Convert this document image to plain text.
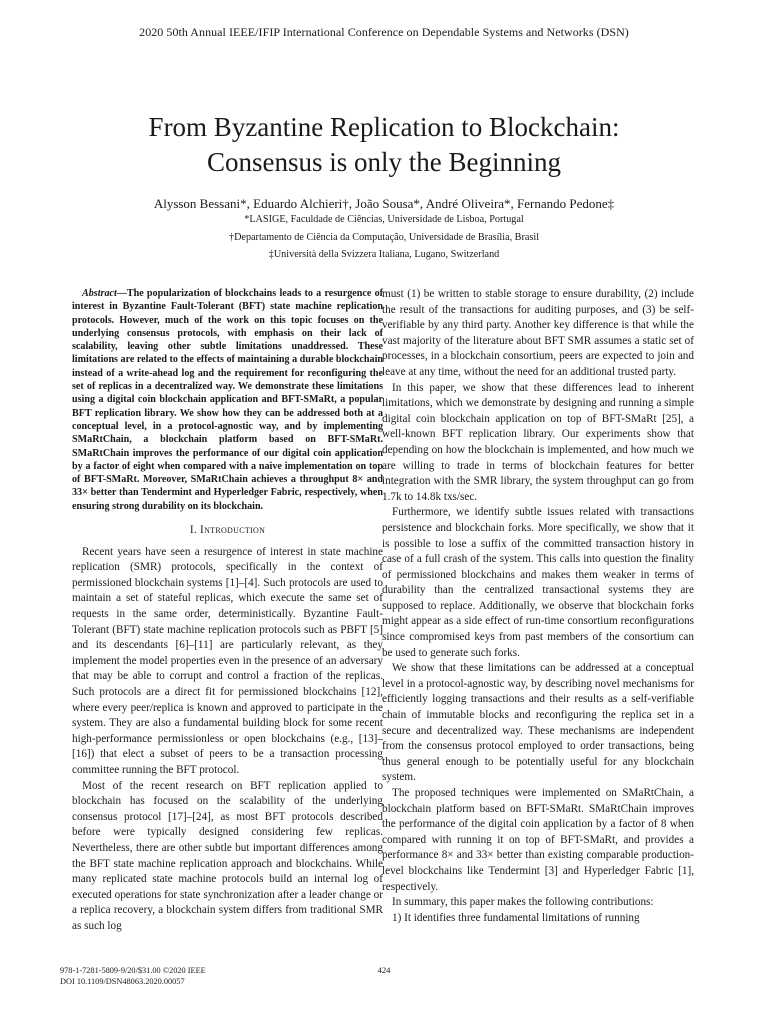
2020 50th Annual IEEE/IFIP International Conference on Dependable Systems and Networks (DSN)
From Byzantine Replication to Blockchain:
Consensus is only the Beginning
Alysson Bessani*, Eduardo Alchieri†, João Sousa*, André Oliveira*, Fernando Pedone‡
*LASIGE, Faculdade de Ciências, Universidade de Lisboa, Portugal
†Departamento de Ciência da Computação, Universidade de Brasília, Brasil
‡Università della Svizzera Italiana, Lugano, Switzerland

Abstract—The popularization of blockchains leads to a resurgence of interest in Byzantine Fault-Tolerant (BFT) state machine replication protocols. However, much of the work on this topic focuses on the underlying consensus protocols, with emphasis on their lack of scalability, leaving other subtle limitations unaddressed. These limitations are related to the effects of maintaining a durable blockchain instead of a write-ahead log and the requirement for reconfiguring the set of replicas in a decentralized way. We demonstrate these limitations using a digital coin blockchain application and BFT-SMaRt, a popular BFT replication library. We show how they can be addressed both at a conceptual level, in a protocol-agnostic way, and by implementing SMaRtChain, a blockchain platform based on BFT-SMaRt. SMaRtChain improves the performance of our digital coin application by a factor of eight when compared with a naive implementation on top of BFT-SMaRt. Moreover, SMaRtChain achieves a throughput 8× and 33× better than Tendermint and Hyperledger Fabric, respectively, when ensuring strong durability on its blockchain.

I. Introduction

Recent years have seen a resurgence of interest in state machine replication (SMR) protocols, specifically in the context of permissioned blockchain systems [1]–[4]. Such protocols are used to maintain a set of stateful replicas, which execute the same set of requests in the same order, deterministically. Byzantine Fault-Tolerant (BFT) state machine replication protocols such as PBFT [5] and its descendants [6]–[11] are particularly relevant, as they implement the model properties even in the presence of an adversary that may be able to corrupt and control a fraction of the replicas. Such protocols are a direct fit for permissioned blockchains [12], where every peer/replica is known and approved to participate in the system. They are also a fundamental building block for some recent high-performance permissionless or open blockchains (e.g., [13]–[16]) that elect a subset of peers to be a transaction processing committee running the BFT protocol.

Most of the recent research on BFT replication applied to blockchain has focused on the scalability of the underlying consensus protocol [17]–[24], as most BFT protocols described before were typically designed considering few replicas. Nevertheless, there are other subtle but important differences among the BFT state machine replication approach and blockchains. While many replicated state machine protocols build an internal log of executed operations for state synchronization after a leader change or a replica recovery, a blockchain system differs from traditional SMR as such log

must (1) be written to stable storage to ensure durability, (2) include the result of the transactions for auditing purposes, and (3) be self-verifiable by any third party. Another key difference is that while the vast majority of the literature about BFT SMR assumes a static set of processes, in a blockchain consortium, peers are expected to join and leave at any time, without the need for an additional trusted party.

In this paper, we show that these differences lead to inherent limitations, which we demonstrate by designing and running a simple digital coin blockchain application on top of BFT-SMaRt [25], a well-known BFT replication library. Our experiments show that depending on how the blockchain is implemented, and how much we are willing to trade in terms of blockchain features for better integration with the SMR library, the system throughput can go from 1.7k to 14.8k txs/sec.

Furthermore, we identify subtle issues related with transactions persistence and blockchain forks. More specifically, we show that it is possible to lose a suffix of the committed transaction history in case of a full crash of the system. This calls into question the finality of permissioned blockchains and makes them weaker in terms of durability than the centralized transactional systems they are supposed to replace. Additionally, we observe that blockchain forks might appear as a side effect of run-time consortium reconfigurations since compromised keys from past members of the consortium can be used to generate such forks.

We show that these limitations can be addressed at a conceptual level in a protocol-agnostic way, by describing novel mechanisms for efficiently logging transactions and their results as a self-verifiable chain of immutable blocks and reconfiguring the replica set in a secure and decentralized way. These mechanisms are independent from the consensus protocol employed to order transactions, being thus general enough to be potentially useful for any blockchain system.

The proposed techniques were implemented on SMaRtChain, a blockchain platform based on BFT-SMaRt. SMaRtChain improves the performance of the digital coin application by a factor of 8 when compared with running it on top of BFT-SMaRt, and provides a performance 8× and 33× better than existing comparable production-level blockchains like Tendermint [3] and Hyperledger Fabric [1], respectively.

In summary, this paper makes the following contributions:

1) It identifies three fundamental limitations of running

978-1-7281-5809-9/20/$31.00 ©2020 IEEE
DOI 10.1109/DSN48063.2020.00057
424
